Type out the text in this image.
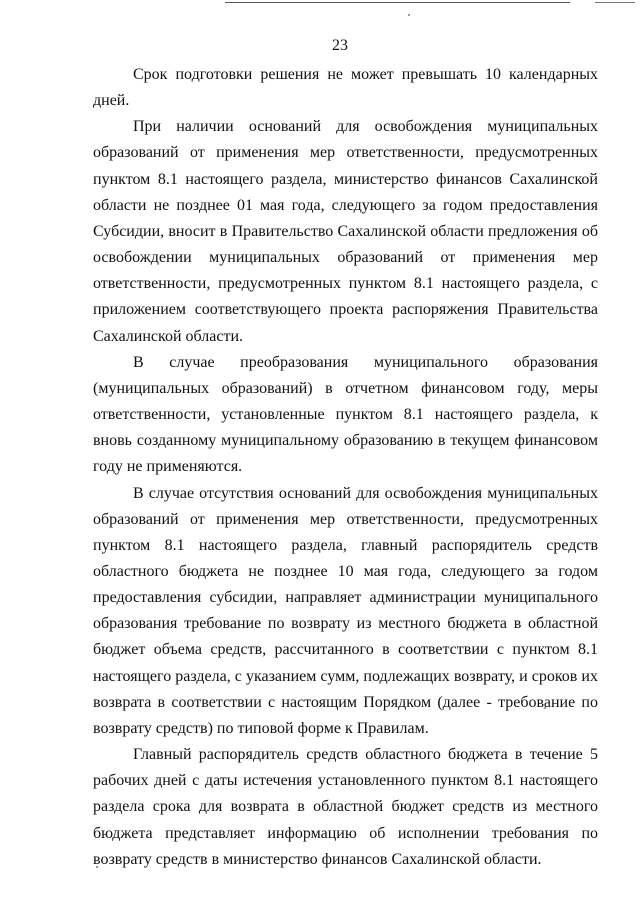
23

Срок подготовки решения не может превышать 10 календарных дней.

При наличии оснований для освобождения муниципальных образований от применения мер ответственности, предусмотренных пунктом 8.1 настоящего раздела, министерство финансов Сахалинской области не позднее 01 мая года, следующего за годом предоставления Субсидии, вносит в Правительство Сахалинской области предложения об освобождении муниципальных образований от применения мер ответственности, предусмотренных пунктом 8.1 настоящего раздела, с приложением соответствующего проекта распоряжения Правительства Сахалинской области.

В случае преобразования муниципального образования (муниципальных образований) в отчетном финансовом году, меры ответственности, установленные пунктом 8.1 настоящего раздела, к вновь созданному муниципальному образованию в текущем финансовом году не применяются.

В случае отсутствия оснований для освобождения муниципальных образований от применения мер ответственности, предусмотренных пунктом 8.1 настоящего раздела, главный распорядитель средств областного бюджета не позднее 10 мая года, следующего за годом предоставления субсидии, направляет администрации муниципального образования требование по возврату из местного бюджета в областной бюджет объема средств, рассчитанного в соответствии с пунктом 8.1 настоящего раздела, с указанием сумм, подлежащих возврату, и сроков их возврата в соответствии с настоящим Порядком (далее - требование по возврату средств) по типовой форме к Правилам.

Главный распорядитель средств областного бюджета в течение 5 рабочих дней с даты истечения установленного пунктом 8.1 настоящего раздела срока для возврата в областной бюджет средств из местного бюджета представляет информацию об исполнении требования по возврату средств в министерство финансов Сахалинской области.
